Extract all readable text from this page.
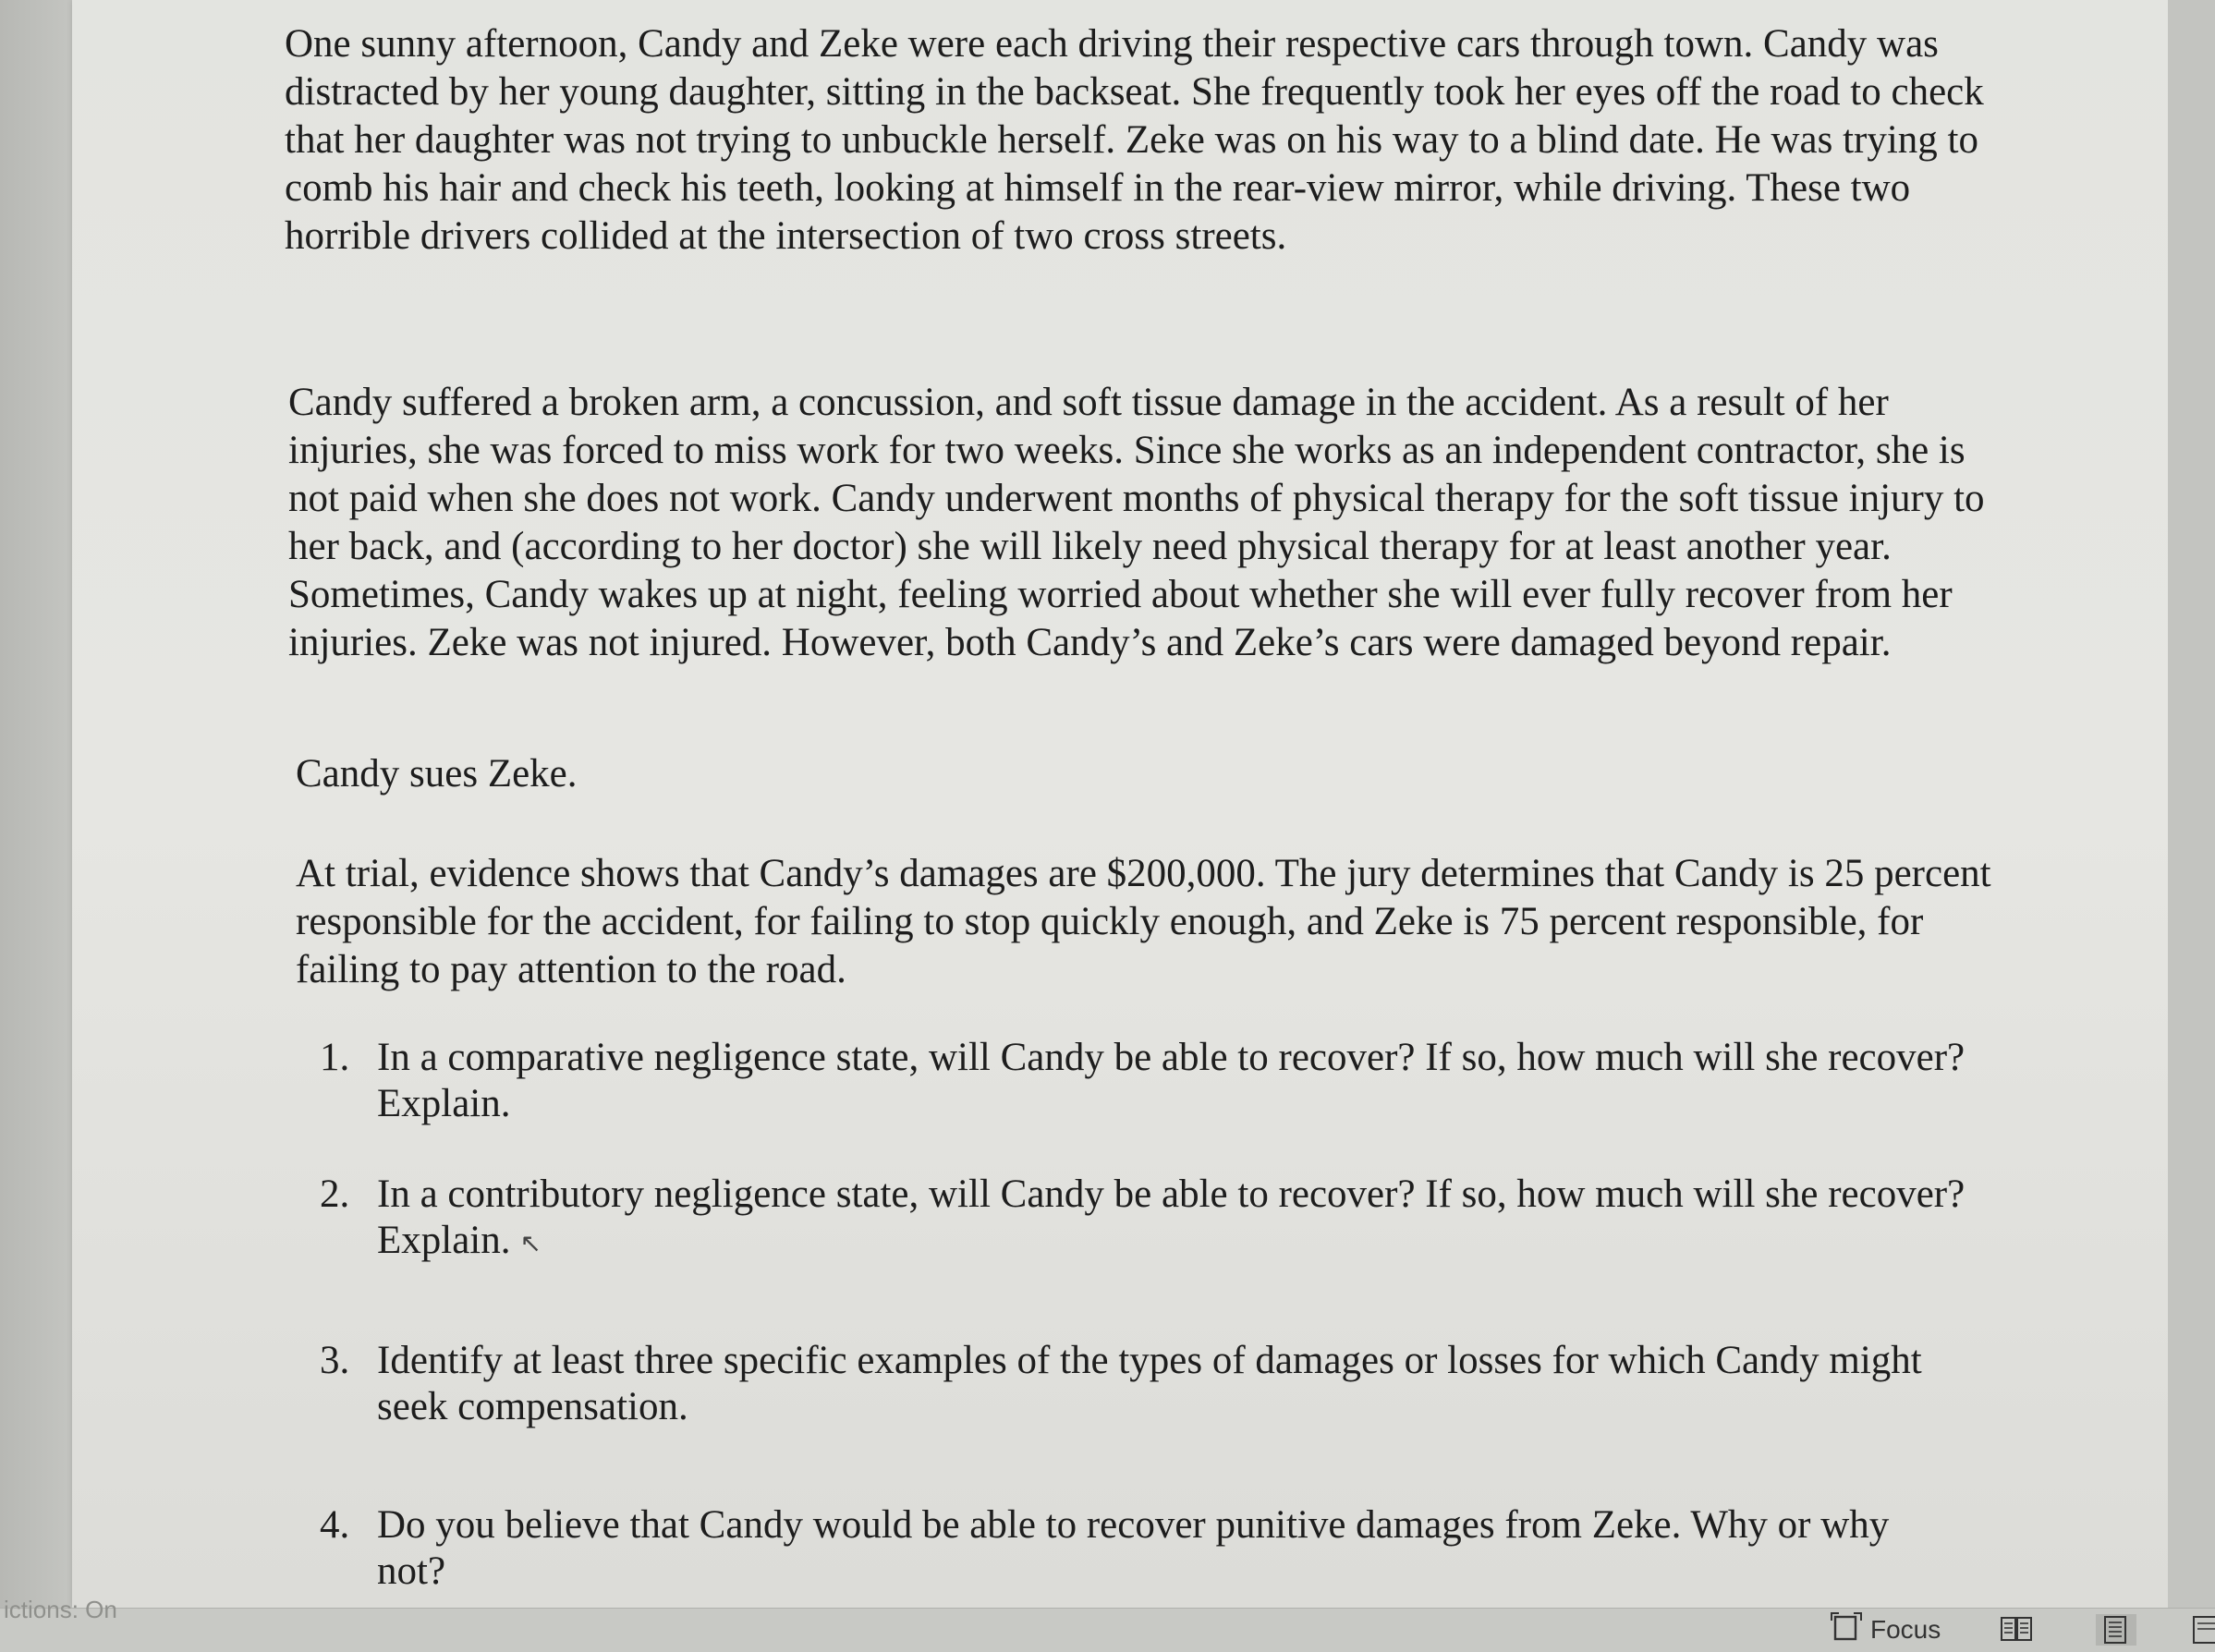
One sunny afternoon, Candy and Zeke were each driving their respective cars through town. Candy was distracted by her young daughter, sitting in the backseat. She frequently took her eyes off the road to check that her daughter was not trying to unbuckle herself. Zeke was on his way to a blind date. He was trying to comb his hair and check his teeth, looking at himself in the rear-view mirror, while driving. These two horrible drivers collided at the intersection of two cross streets.

Candy suffered a broken arm, a concussion, and soft tissue damage in the accident. As a result of her injuries, she was forced to miss work for two weeks. Since she works as an independent contractor, she is not paid when she does not work. Candy underwent months of physical therapy for the soft tissue injury to her back, and (according to her doctor) she will likely need physical therapy for at least another year. Sometimes, Candy wakes up at night, feeling worried about whether she will ever fully recover from her injuries. Zeke was not injured. However, both Candy’s and Zeke’s cars were damaged beyond repair.

Candy sues Zeke.

At trial, evidence shows that Candy’s damages are $200,000. The jury determines that Candy is 25 percent responsible for the accident, for failing to stop quickly enough, and Zeke is 75 percent responsible, for failing to pay attention to the road.

1. In a comparative negligence state, will Candy be able to recover? If so, how much will she recover? Explain.
2. In a contributory negligence state, will Candy be able to recover? If so, how much will she recover? Explain. ↖
3. Identify at least three specific examples of the types of damages or losses for which Candy might seek compensation.
4. Do you believe that Candy would be able to recover punitive damages from Zeke. Why or why not?
ictions: On
Focus
